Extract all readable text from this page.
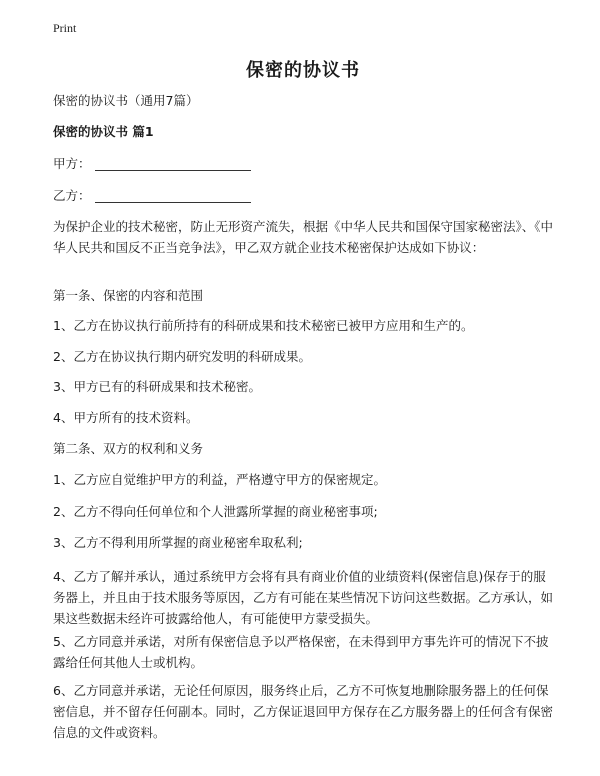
Print
保密的协议书
保密的协议书（通用7篇）
保密的协议书 篇1
甲方：
乙方：
为保护企业的技术秘密，防止无形资产流失，根据《中华人民共和国保守国家秘密法》、《中华人民共和国反不正当竞争法》，甲乙双方就企业技术秘密保护达成如下协议：
第一条、保密的内容和范围
1、乙方在协议执行前所持有的科研成果和技术秘密已被甲方应用和生产的。
2、乙方在协议执行期内研究发明的科研成果。
3、甲方已有的科研成果和技术秘密。
4、甲方所有的技术资料。
第二条、双方的权利和义务
1、乙方应自觉维护甲方的利益，严格遵守甲方的保密规定。
2、乙方不得向任何单位和个人泄露所掌握的商业秘密事项;
3、乙方不得利用所掌握的商业秘密牟取私利;
4、乙方了解并承认，通过系统甲方会将有具有商业价值的业绩资料(保密信息)保存于的服务器上，并且由于技术服务等原因，乙方有可能在某些情况下访问这些数据。乙方承认，如果这些数据未经许可披露给他人，有可能使甲方蒙受损失。
5、乙方同意并承诺，对所有保密信息予以严格保密，在未得到甲方事先许可的情况下不披露给任何其他人士或机构。
6、乙方同意并承诺，无论任何原因，服务终止后，乙方不可恢复地删除服务器上的任何保密信息，并不留存任何副本。同时，乙方保证退回甲方保存在乙方服务器上的任何含有保密信息的文件或资料。
